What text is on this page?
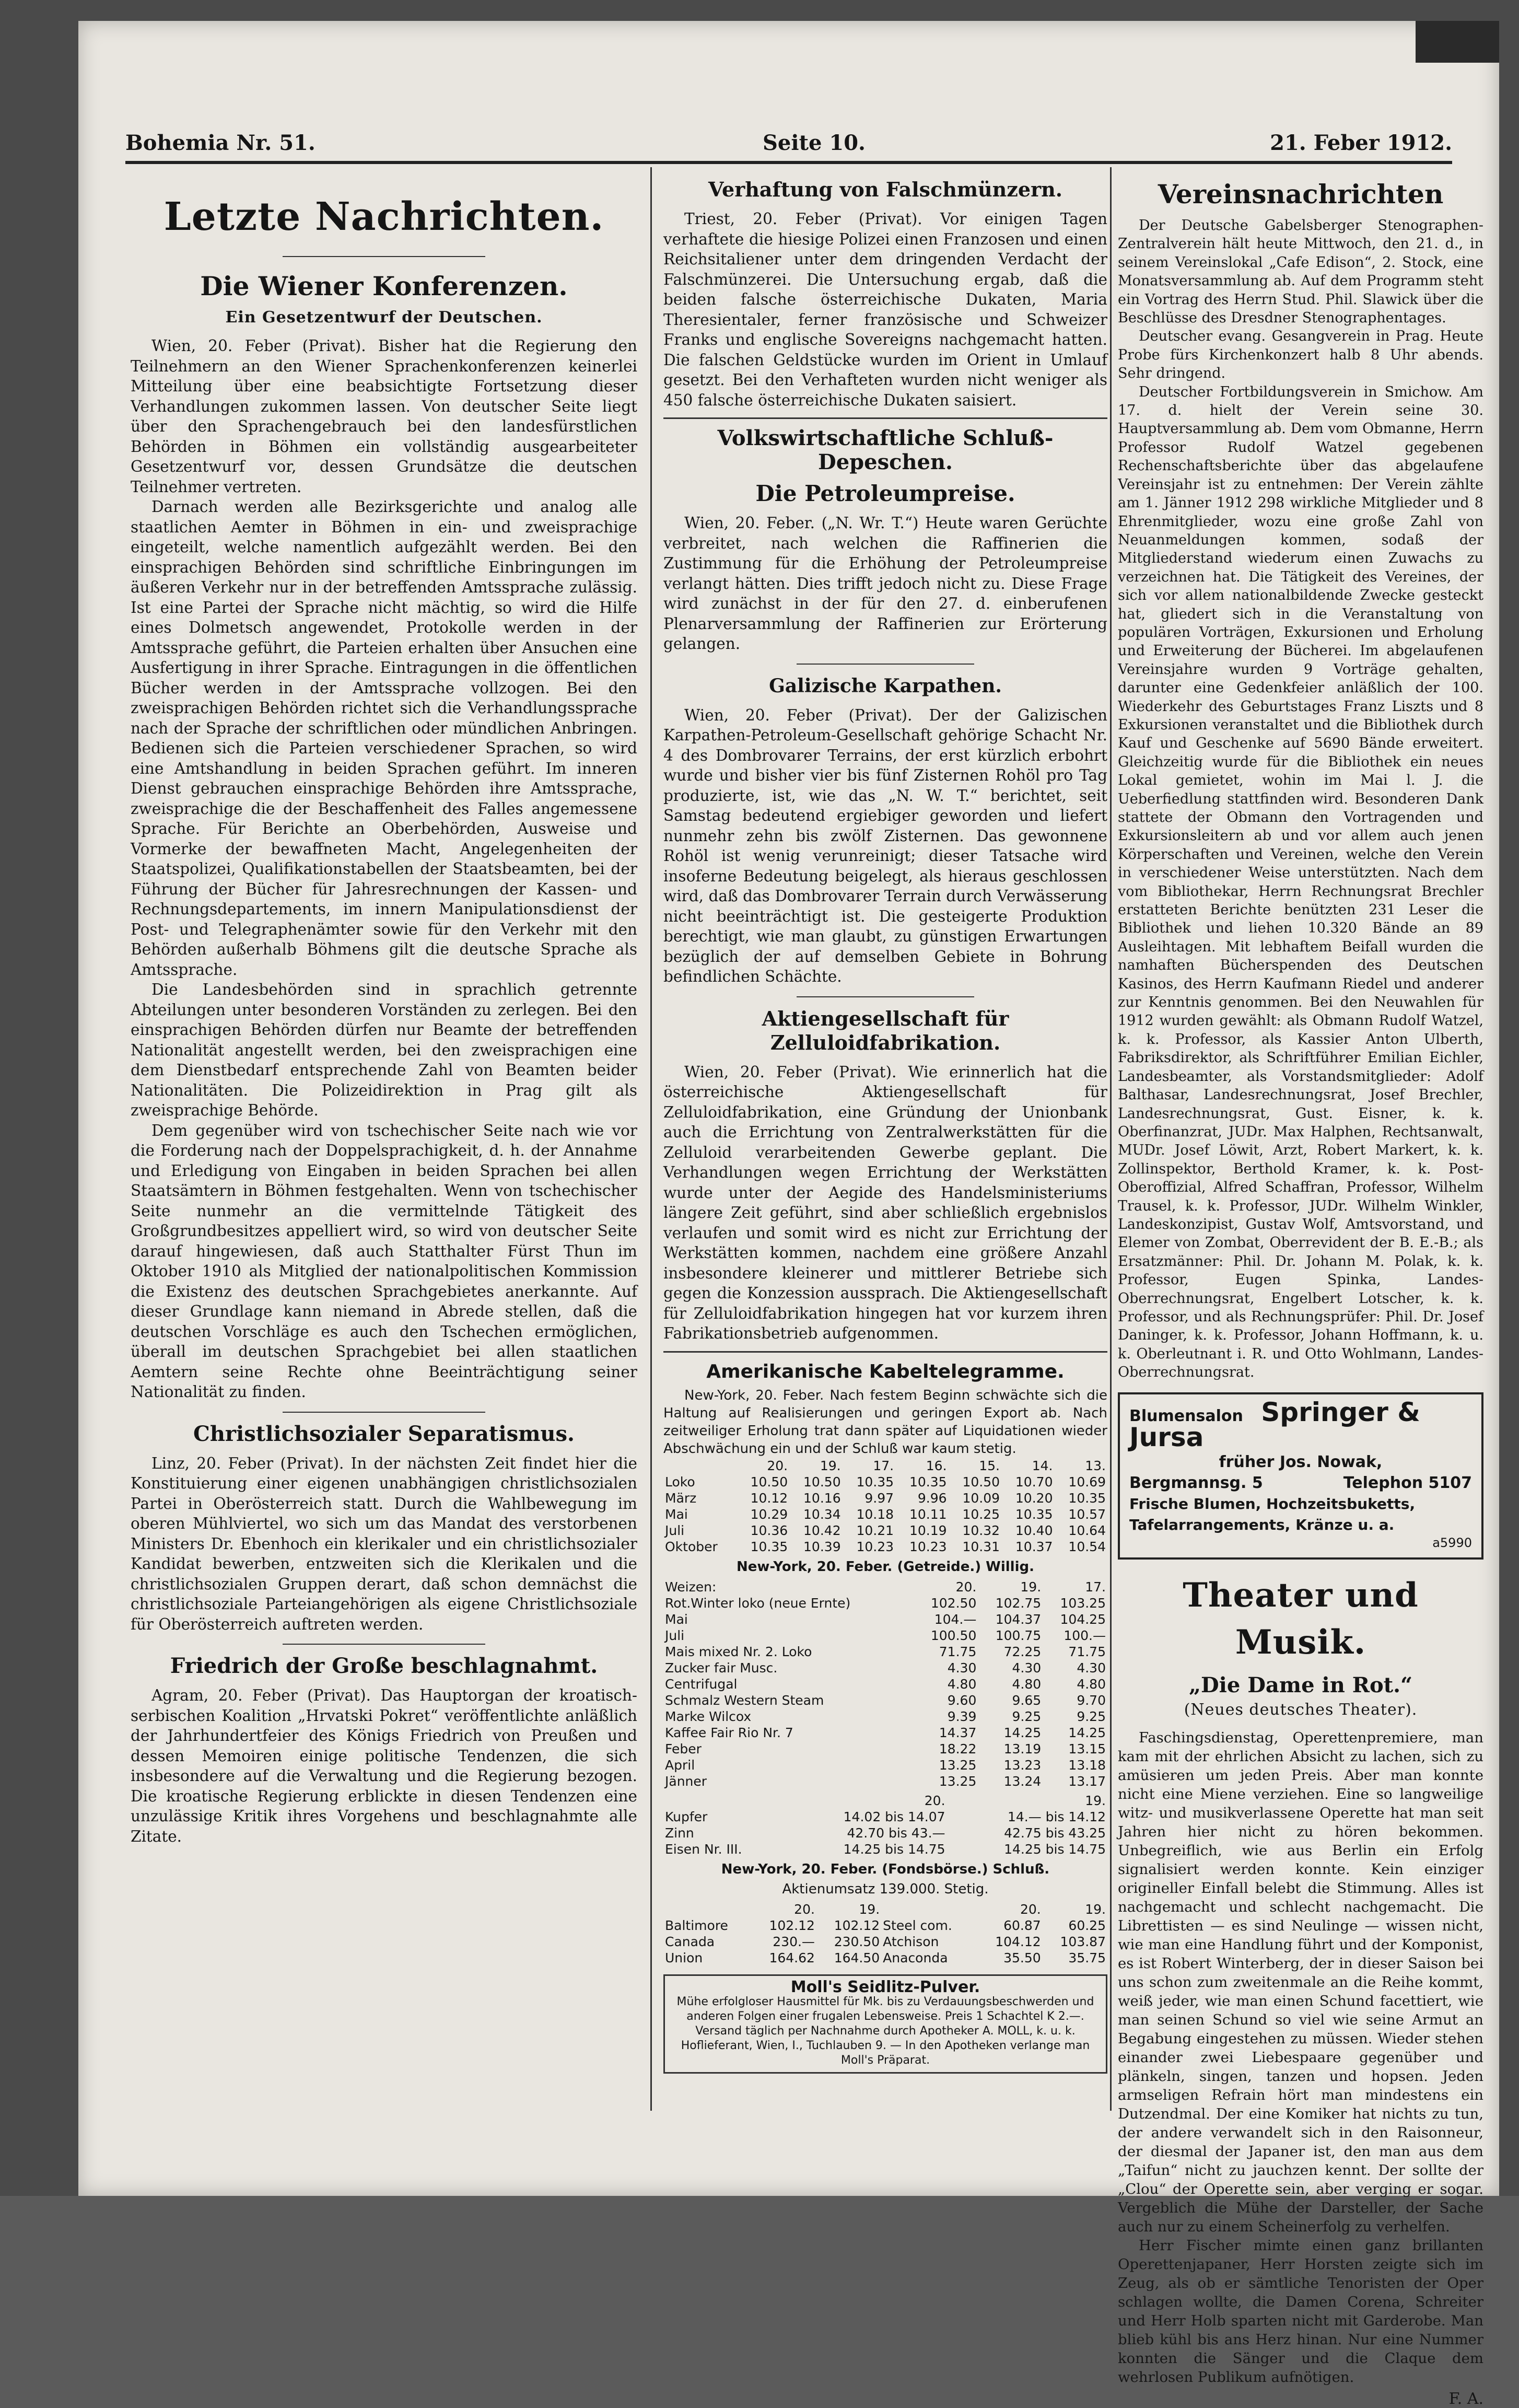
Bohemia Nr. 51.	Seite 10.	21. Feber 1912.
Letzte Nachrichten.
Die Wiener Konferenzen.
Ein Gesetzentwurf der Deutschen.

Wien, 20. Feber (Privat). Bisher hat die Regierung den Teilnehmern an den Wiener Sprachenkonferenzen keinerlei Mitteilung über eine beabsichtigte Fortsetzung dieser Verhandlungen zukommen lassen. Von deutscher Seite liegt über den Sprachengebrauch bei den landesfürstlichen Behörden in Böhmen ein vollständig ausgearbeiteter Gesetzentwurf vor, dessen Grundsätze die deutschen Teilnehmer vertreten.

Darnach werden alle Bezirksgerichte und analog alle staatlichen Aemter in Böhmen in ein- und zweisprachige eingeteilt, welche namentlich aufgezählt werden. Bei den einsprachigen Behörden sind schriftliche Einbringungen im äußeren Verkehr nur in der betreffenden Amtssprache zulässig. Ist eine Partei der Sprache nicht mächtig, so wird die Hilfe eines Dolmetsch angewendet, Protokolle werden in der Amtssprache geführt, die Parteien erhalten über Ansuchen eine Ausfertigung in ihrer Sprache. Eintragungen in die öffentlichen Bücher werden in der Amtssprache vollzogen. Bei den zweisprachigen Behörden richtet sich die Verhandlungssprache nach der Sprache der schriftlichen oder mündlichen Anbringen. Bedienen sich die Parteien verschiedener Sprachen, so wird eine Amtshandlung in beiden Sprachen geführt. Im inneren Dienst gebrauchen einsprachige Behörden ihre Amtssprache, zweisprachige die der Beschaffenheit des Falles angemessene Sprache. Für Berichte an Oberbehörden, Ausweise und Vormerke der bewaffneten Macht, Angelegenheiten der Staatspolizei, Qualifikationstabellen der Staatsbeamten, bei der Führung der Bücher für Jahresrechnungen der Kassen- und Rechnungsdepartements, im innern Manipulationsdienst der Post- und Telegraphenämter sowie für den Verkehr mit den Behörden außerhalb Böhmens gilt die deutsche Sprache als Amtssprache.

Die Landesbehörden sind in sprachlich getrennte Abteilungen unter besonderen Vorständen zu zerlegen. Bei den einsprachigen Behörden dürfen nur Beamte der betreffenden Nationalität angestellt werden, bei den zweisprachigen eine dem Dienstbedarf entsprechende Zahl von Beamten beider Nationalitäten. Die Polizeidirektion in Prag gilt als zweisprachige Behörde.

Dem gegenüber wird von tschechischer Seite nach wie vor die Forderung nach der Doppelsprachigkeit, d. h. der Annahme und Erledigung von Eingaben in beiden Sprachen bei allen Staatsämtern in Böhmen festgehalten. Wenn von tschechischer Seite nunmehr an die vermittelnde Tätigkeit des Großgrundbesitzes appelliert wird, so wird von deutscher Seite darauf hingewiesen, daß auch Statthalter Fürst Thun im Oktober 1910 als Mitglied der nationalpolitischen Kommission die Existenz des deutschen Sprachgebietes anerkannte. Auf dieser Grundlage kann niemand in Abrede stellen, daß die deutschen Vorschläge es auch den Tschechen ermöglichen, überall im deutschen Sprachgebiet bei allen staatlichen Aemtern seine Rechte ohne Beeinträchtigung seiner Nationalität zu finden.

Christlichsozialer Separatismus.

Linz, 20. Feber (Privat). In der nächsten Zeit findet hier die Konstituierung einer eigenen unabhängigen christlichsozialen Partei in Oberösterreich statt. Durch die Wahlbewegung im oberen Mühlviertel, wo sich um das Mandat des verstorbenen Ministers Dr. Ebenhoch ein klerikaler und ein christlichsozialer Kandidat bewerben, entzweiten sich die Klerikalen und die christlichsozialen Gruppen derart, daß schon demnächst die christlichsoziale Parteiangehörigen als eigene Christlichsoziale für Oberösterreich auftreten werden.

Friedrich der Große beschlagnahmt.

Agram, 20. Feber (Privat). Das Hauptorgan der kroatisch-serbischen Koalition „Hrvatski Pokret“ veröffentlichte anläßlich der Jahrhundertfeier des Königs Friedrich von Preußen und dessen Memoiren einige politische Tendenzen, die sich insbesondere auf die Verwaltung und die Regierung bezogen. Die kroatische Regierung erblickte in diesen Tendenzen eine unzulässige Kritik ihres Vorgehens und beschlagnahmte alle Zitate.

Verhaftung von Falschmünzern.

Triest, 20. Feber (Privat). Vor einigen Tagen verhaftete die hiesige Polizei einen Franzosen und einen Reichsitaliener unter dem dringenden Verdacht der Falschmünzerei. Die Untersuchung ergab, daß die beiden falsche österreichische Dukaten, Maria Theresientaler, ferner französische und Schweizer Franks und englische Sovereigns nachgemacht hatten. Die falschen Geldstücke wurden im Orient in Umlauf gesetzt. Bei den Verhafteten wurden nicht weniger als 450 falsche österreichische Dukaten saisiert.

Volkswirtschaftliche Schluß-Depeschen.
Die Petroleumpreise.

Wien, 20. Feber. („N. Wr. T.“) Heute waren Gerüchte verbreitet, nach welchen die Raffinerien die Zustimmung für die Erhöhung der Petroleumpreise verlangt hätten. Dies trifft jedoch nicht zu. Diese Frage wird zunächst in der für den 27. d. einberufenen Plenarversammlung der Raffinerien zur Erörterung gelangen.

Galizische Karpathen.

Wien, 20. Feber (Privat). Der der Galizischen Karpathen-Petroleum-Gesellschaft gehörige Schacht Nr. 4 des Dombrovarer Terrains, der erst kürzlich erbohrt wurde und bisher vier bis fünf Zisternen Rohöl pro Tag produzierte, ist, wie das „N. W. T.“ berichtet, seit Samstag bedeutend ergiebiger geworden und liefert nunmehr zehn bis zwölf Zisternen. Das gewonnene Rohöl ist wenig verunreinigt; dieser Tatsache wird insoferne Bedeutung beigelegt, als hieraus geschlossen wird, daß das Dombrovarer Terrain durch Verwässerung nicht beeinträchtigt ist. Die gesteigerte Produktion berechtigt, wie man glaubt, zu günstigen Erwartungen bezüglich der auf demselben Gebiete in Bohrung befindlichen Schächte.

Aktiengesellschaft für Zelluloidfabrikation.

Wien, 20. Feber (Privat). Wie erinnerlich hat die österreichische Aktiengesellschaft für Zelluloidfabrikation, eine Gründung der Unionbank auch die Errichtung von Zentralwerkstätten für die Zelluloid verarbeitenden Gewerbe geplant. Die Verhandlungen wegen Errichtung der Werkstätten wurde unter der Aegide des Handelsministeriums längere Zeit geführt, sind aber schließlich ergebnislos verlaufen und somit wird es nicht zur Errichtung der Werkstätten kommen, nachdem eine größere Anzahl insbesondere kleinerer und mittlerer Betriebe sich gegen die Konzession aussprach. Die Aktiengesellschaft für Zelluloidfabrikation hingegen hat vor kurzem ihren Fabrikationsbetrieb aufgenommen.

Amerikanische Kabeltelegramme.

New-York, 20. Feber. Nach festem Beginn schwächte sich die Haltung auf Realisierungen und geringen Export ab. Nach zeitweiliger Erholung trat dann später auf Liquidationen wieder Abschwächung ein und der Schluß war kaum stetig.

	20.	19.	17.	16.	15.	14.	13.
Loko	10.50	10.50	10.35	10.35	10.50	10.70	10.69
März	10.12	10.16	9.97	9.96	10.09	10.20	10.35
Mai	10.29	10.34	10.18	10.11	10.25	10.35	10.57
Juli	10.36	10.42	10.21	10.19	10.32	10.40	10.64
Oktober	10.35	10.39	10.23	10.23	10.31	10.37	10.54
New-York, 20. Feber. (Getreide.) Willig.
Weizen:	20.	19.	17.
Rot.Winter loko (neue Ernte)	102.50	102.75	103.25
Mai	104.—	104.37	104.25
Juli	100.50	100.75	100.—
Mais mixed Nr. 2. Loko	71.75	72.25	71.75
Zucker fair Musc.	4.30	4.30	4.30
Centrifugal	4.80	4.80	4.80
Schmalz Western Steam	9.60	9.65	9.70
Marke Wilcox	9.39	9.25	9.25
Kaffee Fair Rio Nr. 7	14.37	14.25	14.25
Feber	18.22	13.19	13.15
April	13.25	13.23	13.18
Jänner	13.25	13.24	13.17
	20.	19.
Kupfer	14.02 bis 14.07	14.— bis 14.12
Zinn	42.70 bis 43.—	42.75 bis 43.25
Eisen Nr. III.	14.25 bis 14.75	14.25 bis 14.75
New-York, 20. Feber. (Fondsbörse.) Schluß.
Aktienumsatz 139.000. Stetig.
	20.	19.		20.	19.
Baltimore	102.12	102.12	Steel com.	60.87	60.25
Canada	230.—	230.50	Atchison	104.12	103.87
Union	164.62	164.50	Anaconda	35.50	35.75
Moll's Seidlitz-Pulver.
Mühe erfolgloser Hausmittel für Mk. bis zu Verdauungsbeschwerden und anderen Folgen einer frugalen Lebensweise. Preis 1 Schachtel K 2.—. Versand täglich per Nachnahme durch Apotheker A. MOLL, k. u. k. Hoflieferant, Wien, I., Tuchlauben 9. — In den Apotheken verlange man Moll's Präparat.
Vereinsnachrichten

Der Deutsche Gabelsberger Stenographen-Zentralverein hält heute Mittwoch, den 21. d., in seinem Vereinslokal „Cafe Edison“, 2. Stock, eine Monatsversammlung ab. Auf dem Programm steht ein Vortrag des Herrn Stud. Phil. Slawick über die Beschlüsse des Dresdner Stenographentages.

Deutscher evang. Gesangverein in Prag. Heute Probe fürs Kirchenkonzert halb 8 Uhr abends. Sehr dringend.

Deutscher Fortbildungsverein in Smichow. Am 17. d. hielt der Verein seine 30. Hauptversammlung ab. Dem vom Obmanne, Herrn Professor Rudolf Watzel gegebenen Rechenschaftsberichte über das abgelaufene Vereinsjahr ist zu entnehmen: Der Verein zählte am 1. Jänner 1912 298 wirkliche Mitglieder und 8 Ehrenmitglieder, wozu eine große Zahl von Neuanmeldungen kommen, sodaß der Mitgliederstand wiederum einen Zuwachs zu verzeichnen hat. Die Tätigkeit des Vereines, der sich vor allem nationalbildende Zwecke gesteckt hat, gliedert sich in die Veranstaltung von populären Vorträgen, Exkursionen und Erholung und Erweiterung der Bücherei. Im abgelaufenen Vereinsjahre wurden 9 Vorträge gehalten, darunter eine Gedenkfeier anläßlich der 100. Wiederkehr des Geburtstages Franz Liszts und 8 Exkursionen veranstaltet und die Bibliothek durch Kauf und Geschenke auf 5690 Bände erweitert. Gleichzeitig wurde für die Bibliothek ein neues Lokal gemietet, wohin im Mai l. J. die Ueberfiedlung stattfinden wird. Besonderen Dank stattete der Obmann den Vortragenden und Exkursionsleitern ab und vor allem auch jenen Körperschaften und Vereinen, welche den Verein in verschiedener Weise unterstützten. Nach dem vom Bibliothekar, Herrn Rechnungsrat Brechler erstatteten Berichte benützten 231 Leser die Bibliothek und liehen 10.320 Bände an 89 Ausleihtagen. Mit lebhaftem Beifall wurden die namhaften Bücherspenden des Deutschen Kasinos, des Herrn Kaufmann Riedel und anderer zur Kenntnis genommen. Bei den Neuwahlen für 1912 wurden gewählt: als Obmann Rudolf Watzel, k. k. Professor, als Kassier Anton Ulberth, Fabriksdirektor, als Schriftführer Emilian Eichler, Landesbeamter, als Vorstandsmitglieder: Adolf Balthasar, Landesrechnungsrat, Josef Brechler, Landesrechnungsrat, Gust. Eisner, k. k. Oberfinanzrat, JUDr. Max Halphen, Rechtsanwalt, MUDr. Josef Löwit, Arzt, Robert Markert, k. k. Zollinspektor, Berthold Kramer, k. k. Post-Oberoffizial, Alfred Schaffran, Professor, Wilhelm Trausel, k. k. Professor, JUDr. Wilhelm Winkler, Landeskonzipist, Gustav Wolf, Amtsvorstand, und Elemer von Zombat, Oberrevident der B. E.-B.; als Ersatzmänner: Phil. Dr. Johann M. Polak, k. k. Professor, Eugen Spinka, Landes-Oberrechnungsrat, Engelbert Lotscher, k. k. Professor, und als Rechnungsprüfer: Phil. Dr. Josef Daninger, k. k. Professor, Johann Hoffmann, k. u. k. Oberleutnant i. R. und Otto Wohlmann, Landes-Oberrechnungsrat.

Blumensalon Springer & Jursa
früher Jos. Nowak,
Bergmannsg. 5	Telephon 5107
Frische Blumen, Hochzeitsbuketts, Tafelarrangements, Kränze u. a.
a5990
Theater und Musik.
„Die Dame in Rot.“
(Neues deutsches Theater).

Faschingsdienstag, Operettenpremiere, man kam mit der ehrlichen Absicht zu lachen, sich zu amüsieren um jeden Preis. Aber man konnte nicht eine Miene verziehen. Eine so langweilige witz- und musikverlassene Operette hat man seit Jahren hier nicht zu hören bekommen. Unbegreiflich, wie aus Berlin ein Erfolg signalisiert werden konnte. Kein einziger origineller Einfall belebt die Stimmung. Alles ist nachgemacht und schlecht nachgemacht. Die Librettisten — es sind Neulinge — wissen nicht, wie man eine Handlung führt und der Komponist, es ist Robert Winterberg, der in dieser Saison bei uns schon zum zweitenmale an die Reihe kommt, weiß jeder, wie man einen Schund facettiert, wie man seinen Schund so viel wie seine Armut an Begabung eingestehen zu müssen. Wieder stehen einander zwei Liebespaare gegenüber und plänkeln, singen, tanzen und hopsen. Jeden armseligen Refrain hört man mindestens ein Dutzendmal. Der eine Komiker hat nichts zu tun, der andere verwandelt sich in den Raisonneur, der diesmal der Japaner ist, den man aus dem „Taifun“ nicht zu jauchzen kennt. Der sollte der „Clou“ der Operette sein, aber verging er sogar. Vergeblich die Mühe der Darsteller, der Sache auch nur zu einem Scheinerfolg zu verhelfen.

Herr Fischer mimte einen ganz brillanten Operettenjapaner, Herr Horsten zeigte sich im Zeug, als ob er sämtliche Tenoristen der Oper schlagen wollte, die Damen Corena, Schreiter und Herr Holb sparten nicht mit Garderobe. Man blieb kühl bis ans Herz hinan. Nur eine Nummer konnten die Sänger und die Claque dem wehrlosen Publikum aufnötigen.

F. A.
